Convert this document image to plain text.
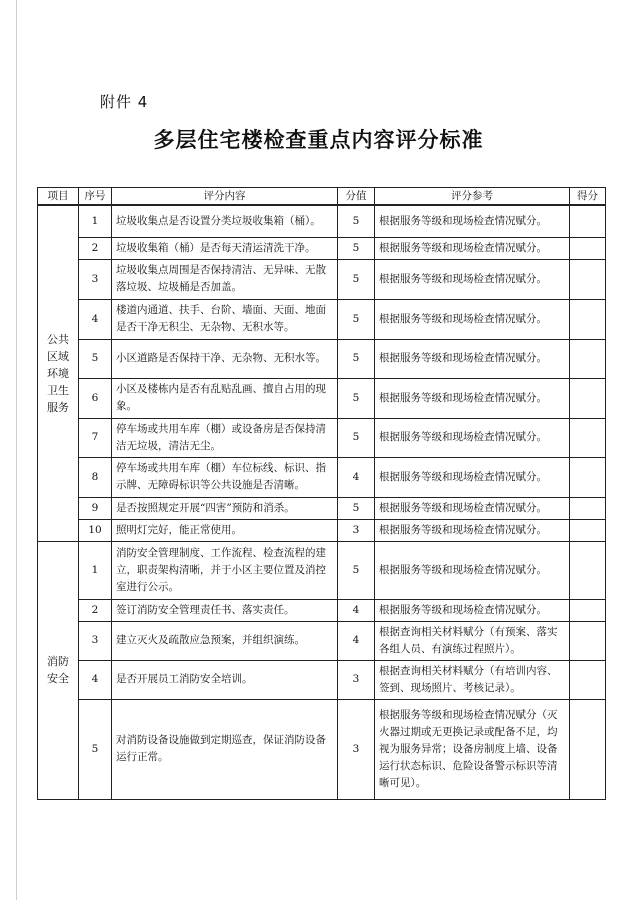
附件 4
多层住宅楼检查重点内容评分标准
项目	序号	评分内容	分值	评分参考	得分

公共
区域
环境
卫生
服务	1	垃圾收集点是否设置分类垃圾收集箱（桶）。	5	根据服务等级和现场检查情况赋分。	
	2	垃圾收集箱（桶）是否每天清运清洗干净。	5	根据服务等级和现场检查情况赋分。	
	3	垃圾收集点周围是否保持清洁、无异味、无散落垃圾、垃圾桶是否加盖。	5	根据服务等级和现场检查情况赋分。	
	4	楼道内通道、扶手、台阶、墙面、天面、地面是否干净无积尘、无杂物、无积水等。	5	根据服务等级和现场检查情况赋分。	
	5	小区道路是否保持干净、无杂物、无积水等。	5	根据服务等级和现场检查情况赋分。	
	6	小区及楼栋内是否有乱贴乱画、擅自占用的现象。	5	根据服务等级和现场检查情况赋分。	
	7	停车场或共用车库（棚）或设备房是否保持清洁无垃圾，清洁无尘。	5	根据服务等级和现场检查情况赋分。	
	8	停车场或共用车库（棚）车位标线、标识、指示牌、无障碍标识等公共设施是否清晰。	4	根据服务等级和现场检查情况赋分。	
	9	是否按照规定开展“四害”预防和消杀。	5	根据服务等级和现场检查情况赋分。	
	10	照明灯完好，能正常使用。	3	根据服务等级和现场检查情况赋分。	

消防
安全	1	消防安全管理制度、工作流程、检查流程的建立，职责架构清晰，并于小区主要位置及消控室进行公示。	5	根据服务等级和现场检查情况赋分。	
	2	签订消防安全管理责任书、落实责任。	4	根据服务等级和现场检查情况赋分。	
	3	建立灭火及疏散应急预案，并组织演练。	4	根据查询相关材料赋分（有预案、落实各组人员、有演练过程照片）。	
	4	是否开展员工消防安全培训。	3	根据查询相关材料赋分（有培训内容、签到、现场照片、考核记录）。	
	5	对消防设备设施做到定期巡查，保证消防设备运行正常。	3	根据服务等级和现场检查情况赋分（灭火器过期或无更换记录或配备不足，均视为服务异常；设备房制度上墙、设备运行状态标识、危险设备警示标识等清晰可见）。	
